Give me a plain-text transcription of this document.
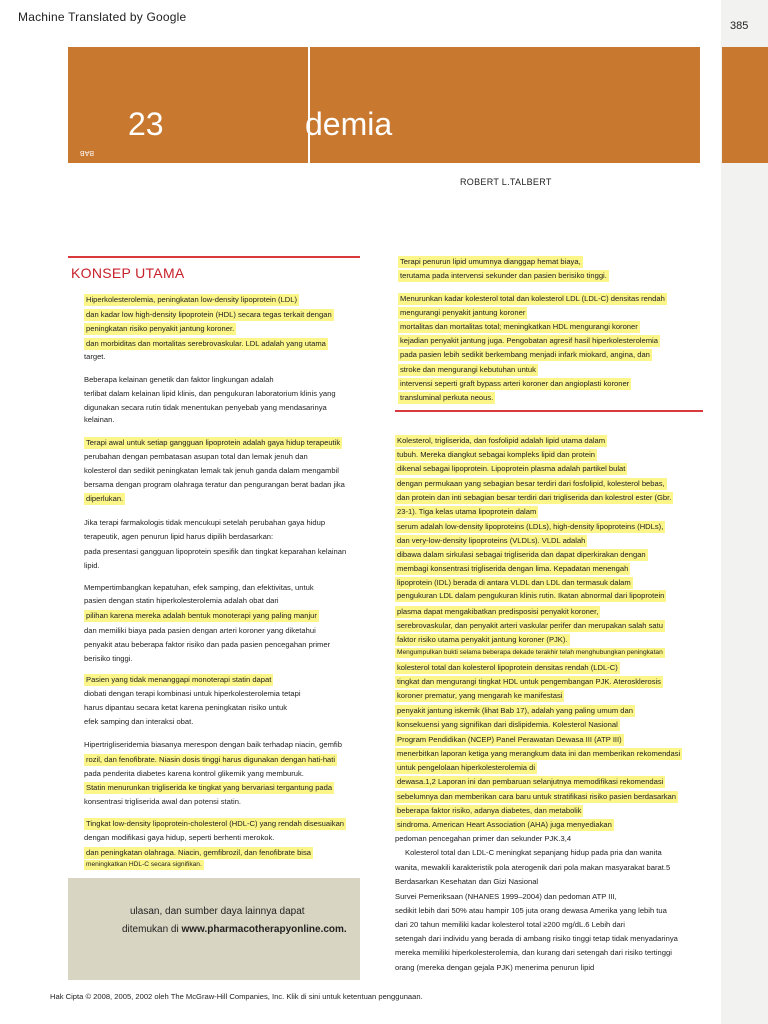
Machine Translated by Google
385
23	demia
BAB
ROBERT L.TALBERT
KONSEP UTAMA
Hiperkolesterolemia, peningkatan low-density lipoprotein (LDL)
dan kadar low high-density lipoprotein (HDL) secara tegas terkait dengan
peningkatan risiko penyakit jantung koroner.
dan morbiditas dan mortalitas serebrovaskular. LDL adalah yang utama
target.
Beberapa kelainan genetik dan faktor lingkungan adalah
terlibat dalam kelainan lipid klinis, dan pengukuran laboratorium klinis yang
digunakan secara rutin tidak menentukan penyebab yang mendasarinya
kelainan.
Terapi awal untuk setiap gangguan lipoprotein adalah gaya hidup terapeutik
perubahan dengan pembatasan asupan total dan lemak jenuh dan
kolesterol dan sedikit peningkatan lemak tak jenuh ganda dalam mengambil
bersama dengan program olahraga teratur dan pengurangan berat badan jika
diperlukan.
Jika terapi farmakologis tidak mencukupi setelah perubahan gaya hidup
terapeutik, agen penurun lipid harus dipilih berdasarkan:
pada presentasi gangguan lipoprotein spesifik dan tingkat keparahan kelainan
lipid.
Mempertimbangkan kepatuhan, efek samping, dan efektivitas, untuk
pasien dengan statin hiperkolesterolemia adalah obat dari
pilihan karena mereka adalah bentuk monoterapi yang paling manjur
dan memiliki biaya pada pasien dengan arteri koroner yang diketahui
penyakit atau beberapa faktor risiko dan pada pasien pencegahan primer
berisiko tinggi.
Pasien yang tidak menanggapi monoterapi statin dapat
diobati dengan terapi kombinasi untuk hiperkolesterolemia tetapi
harus dipantau secara ketat karena peningkatan risiko untuk
efek samping dan interaksi obat.
Hipertrigliseridemia biasanya merespon dengan baik terhadap niacin, gemfib
rozil, dan fenofibrate. Niasin dosis tinggi harus digunakan dengan hati-hati
pada penderita diabetes karena kontrol glikemik yang memburuk.
Statin menurunkan trigliserida ke tingkat yang bervariasi tergantung pada
konsentrasi trigliserida awal dan potensi statin.
Tingkat low-density lipoprotein-cholesterol (HDL-C) yang rendah disesuaikan
dengan modifikasi gaya hidup, seperti berhenti merokok.
dan peningkatan olahraga. Niacin, gemfibrozil, dan fenofibrate bisa
meningkatkan HDL-C secara signifikan.
Terapi penurun lipid umumnya dianggap hemat biaya,
terutama pada intervensi sekunder dan pasien berisiko tinggi.
Menurunkan kadar kolesterol total dan kolesterol LDL (LDL-C) densitas rendah
mengurangi penyakit jantung koroner
mortalitas dan mortalitas total; meningkatkan HDL mengurangi koroner
kejadian penyakit jantung juga. Pengobatan agresif hasil hiperkolesterolemia
pada pasien lebih sedikit berkembang menjadi infark miokard, angina, dan
stroke dan mengurangi kebutuhan untuk
intervensi seperti graft bypass arteri koroner dan angioplasti koroner
transluminal perkuta neous.
Kolesterol, trigliserida, dan fosfolipid adalah lipid utama dalam
tubuh. Mereka diangkut sebagai kompleks lipid dan protein
dikenal sebagai lipoprotein. Lipoprotein plasma adalah partikel bulat
dengan permukaan yang sebagian besar terdiri dari fosfolipid, kolesterol bebas,
dan protein dan inti sebagian besar terdiri dari trigliserida dan kolestrol ester (Gbr.
23-1). Tiga kelas utama lipoprotein dalam
serum adalah low-density lipoproteins (LDLs), high-density lipoproteins (HDLs),
dan very-low-density lipoproteins (VLDLs). VLDL adalah
dibawa dalam sirkulasi sebagai trigliserida dan dapat diperkirakan dengan
membagi konsentrasi trigliserida dengan lima. Kepadatan menengah
lipoprotein (IDL) berada di antara VLDL dan LDL dan termasuk dalam
pengukuran LDL dalam pengukuran klinis rutin. Ikatan abnormal dari lipoprotein
plasma dapat mengakibatkan predisposisi penyakit koroner,
serebrovaskular, dan penyakit arteri vaskular perifer dan merupakan salah satu
faktor risiko utama penyakit jantung koroner (PJK).
Mengumpulkan bukti selama beberapa dekade terakhir telah menghubungkan peningkatan
kolesterol total dan kolesterol lipoprotein densitas rendah (LDL-C)
tingkat dan mengurangi tingkat HDL untuk pengembangan PJK. Aterosklerosis
koroner prematur, yang mengarah ke manifestasi
penyakit jantung iskemik (lihat Bab 17), adalah yang paling umum dan
konsekuensi yang signifikan dari dislipidemia. Kolesterol Nasional
Program Pendidikan (NCEP) Panel Perawatan Dewasa III (ATP III)
menerbitkan laporan ketiga yang merangkum data ini dan memberikan rekomendasi
untuk pengelolaan hiperkolesterolemia di
dewasa.1,2 Laporan ini dan pembaruan selanjutnya memodifikasi rekomendasi
sebelumnya dan memberikan cara baru untuk stratifikasi risiko pasien berdasarkan
beberapa faktor risiko, adanya diabetes, dan metabolik
sindroma. American Heart Association (AHA) juga menyediakan
pedoman pencegahan primer dan sekunder PJK.3,4
Kolesterol total dan LDL-C meningkat sepanjang hidup pada pria dan wanita
wanita, mewakili karakteristik pola aterogenik dari pola makan masyarakat barat.5
Berdasarkan Kesehatan dan Gizi Nasional
Survei Pemeriksaan (NHANES 1999–2004) dan pedoman ATP III,
sedikit lebih dari 50% atau hampir 105 juta orang dewasa Amerika yang lebih tua
dari 20 tahun memiliki kadar kolesterol total ≥200 mg/dL.6 Lebih dari
setengah dari individu yang berada di ambang risiko tinggi tetap tidak menyadarinya
mereka memiliki hiperkolesterolemia, dan kurang dari setengah dari risiko tertinggi
orang (mereka dengan gejala PJK) menerima penurun lipid
ulasan, dan sumber daya lainnya dapat
ditemukan di www.pharmacotherapyonline.com.
Hak Cipta © 2008, 2005, 2002 oleh The McGraw-Hill Companies, Inc. Klik di sini untuk ketentuan penggunaan.
